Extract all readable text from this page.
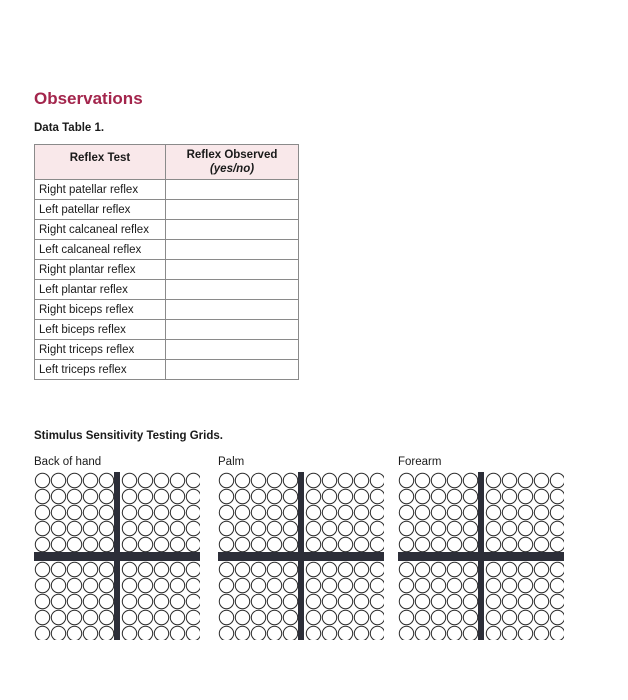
Observations
Data Table 1.
Reflex Test	Reflex Observed
(yes/no)

Right patellar reflex	
Left patellar reflex	
Right calcaneal reflex	
Left calcaneal reflex	
Right plantar reflex	
Left plantar reflex	
Right biceps reflex	
Left biceps reflex	
Right triceps reflex	
Left triceps reflex	
Stimulus Sensitivity Testing Grids.
Back of hand	Palm	Forearm
